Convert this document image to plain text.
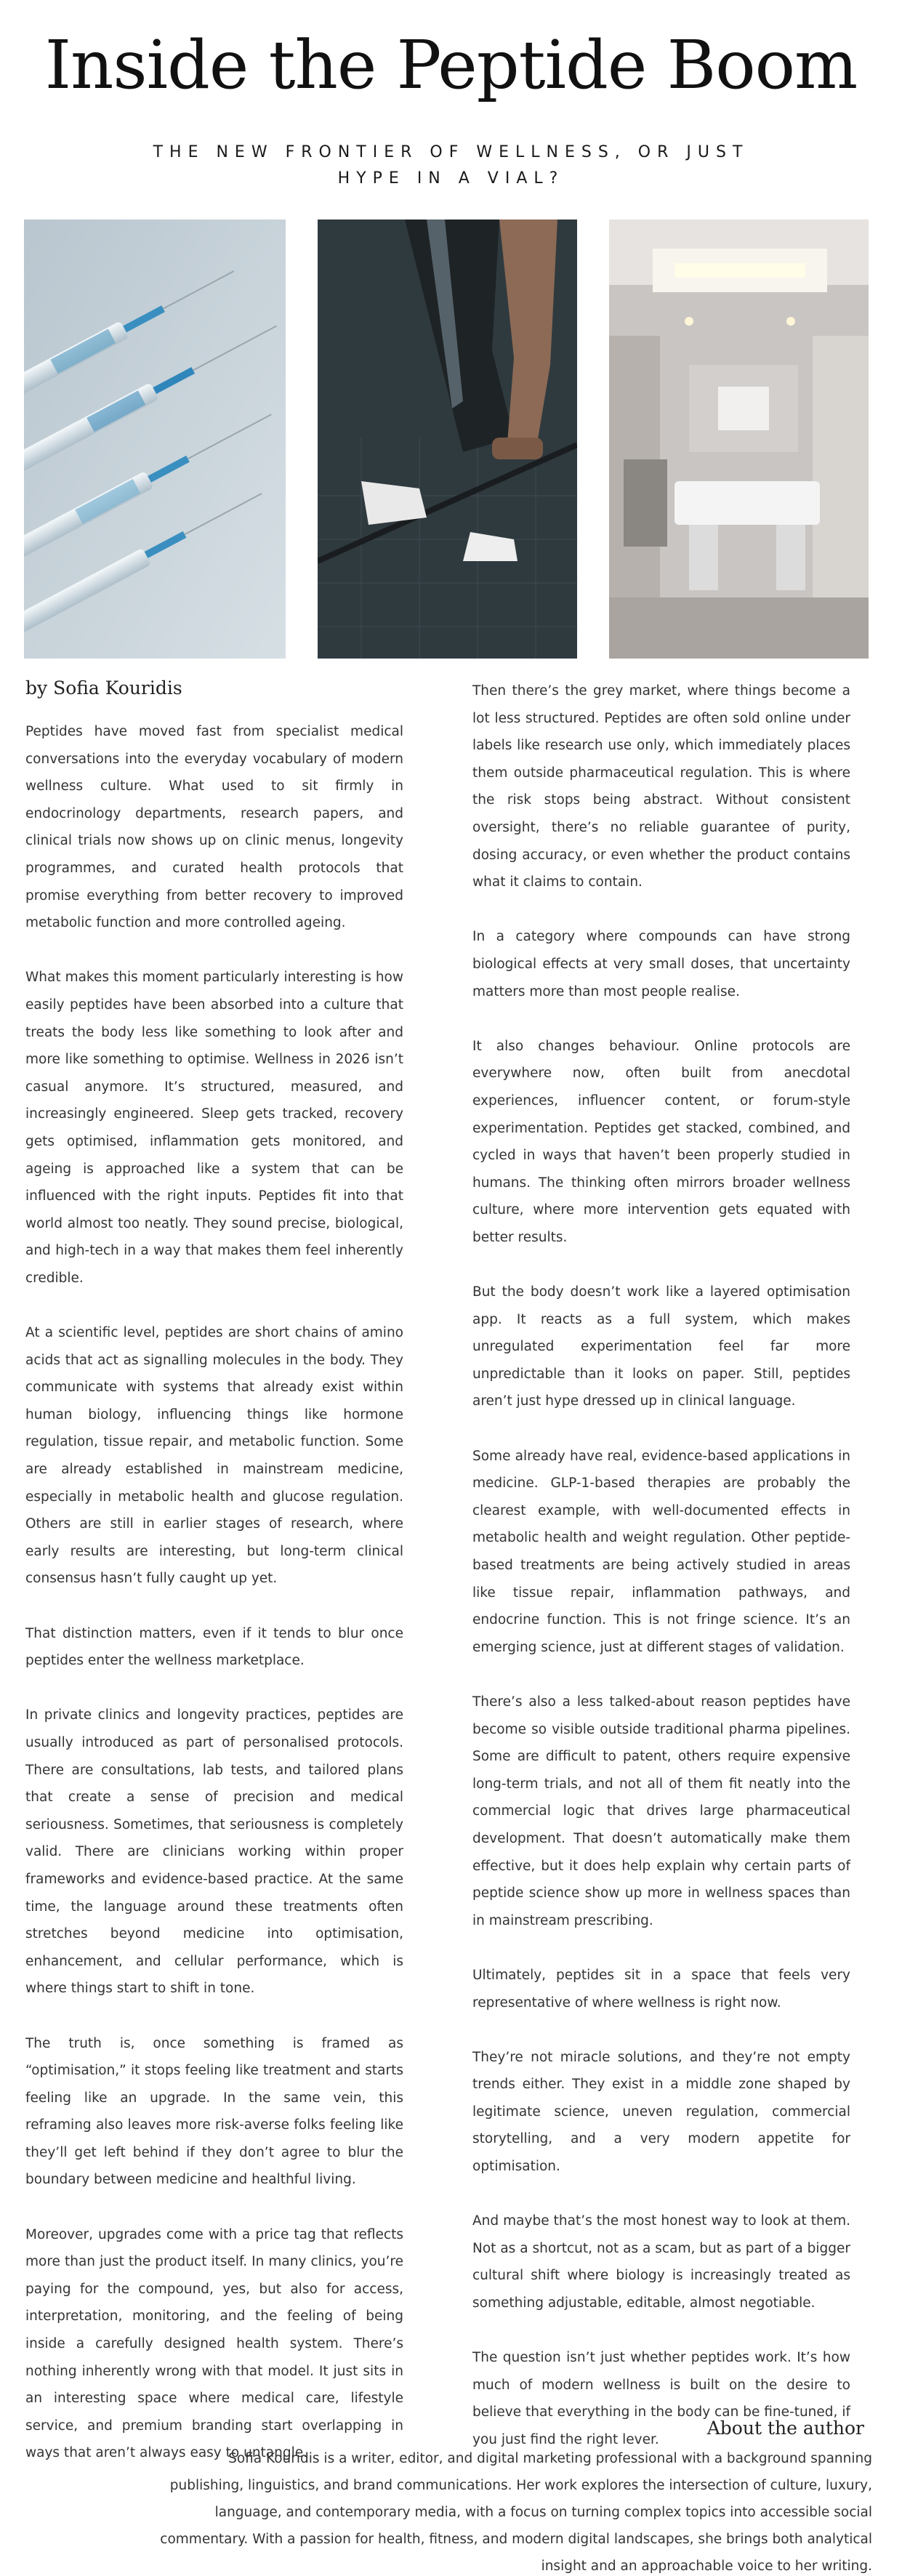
Inside the Peptide Boom
THE NEW FRONTIER OF WELLNESS, OR JUST HYPE IN A VIAL?
by Sofia Kouridis

Peptides have moved fast from specialist medical conversations into the everyday vocabulary of modern wellness culture. What used to sit firmly in endocrinology departments, research papers, and clinical trials now shows up on clinic menus, longevity programmes, and curated health protocols that promise everything from better recovery to improved metabolic function and more controlled ageing.

What makes this moment particularly interesting is how easily peptides have been absorbed into a culture that treats the body less like something to look after and more like something to optimise. Wellness in 2026 isn’t casual anymore. It’s structured, measured, and increasingly engineered. Sleep gets tracked, recovery gets optimised, inflammation gets monitored, and ageing is approached like a system that can be influenced with the right inputs. Peptides fit into that world almost too neatly. They sound precise, biological, and high-tech in a way that makes them feel inherently credible.

At a scientific level, peptides are short chains of amino acids that act as signalling molecules in the body. They communicate with systems that already exist within human biology, influencing things like hormone regulation, tissue repair, and metabolic function. Some are already established in mainstream medicine, especially in metabolic health and glucose regulation. Others are still in earlier stages of research, where early results are interesting, but long-term clinical consensus hasn’t fully caught up yet.

That distinction matters, even if it tends to blur once peptides enter the wellness marketplace.

In private clinics and longevity practices, peptides are usually introduced as part of personalised protocols. There are consultations, lab tests, and tailored plans that create a sense of precision and medical seriousness. Sometimes, that seriousness is completely valid. There are clinicians working within proper frameworks and evidence-based practice. At the same time, the language around these treatments often stretches beyond medicine into optimisation, enhancement, and cellular performance, which is where things start to shift in tone.

The truth is, once something is framed as “optimisation,” it stops feeling like treatment and starts feeling like an upgrade. In the same vein, this reframing also leaves more risk-averse folks feeling like they’ll get left behind if they don’t agree to blur the boundary between medicine and healthful living.

Moreover, upgrades come with a price tag that reflects more than just the product itself. In many clinics, you’re paying for the compound, yes, but also for access, interpretation, monitoring, and the feeling of being inside a carefully designed health system. There’s nothing inherently wrong with that model. It just sits in an interesting space where medical care, lifestyle service, and premium branding start overlapping in ways that aren’t always easy to untangle.

Then there’s the grey market, where things become a lot less structured. Peptides are often sold online under labels like research use only, which immediately places them outside pharmaceutical regulation. This is where the risk stops being abstract. Without consistent oversight, there’s no reliable guarantee of purity, dosing accuracy, or even whether the product contains what it claims to contain.

In a category where compounds can have strong biological effects at very small doses, that uncertainty matters more than most people realise.

It also changes behaviour. Online protocols are everywhere now, often built from anecdotal experiences, influencer content, or forum-style experimentation. Peptides get stacked, combined, and cycled in ways that haven’t been properly studied in humans. The thinking often mirrors broader wellness culture, where more intervention gets equated with better results.

But the body doesn’t work like a layered optimisation app. It reacts as a full system, which makes unregulated experimentation feel far more unpredictable than it looks on paper. Still, peptides aren’t just hype dressed up in clinical language.

Some already have real, evidence-based applications in medicine. GLP-1-based therapies are probably the clearest example, with well-documented effects in metabolic health and weight regulation. Other peptide-based treatments are being actively studied in areas like tissue repair, inflammation pathways, and endocrine function. This is not fringe science. It’s an emerging science, just at different stages of validation.

There’s also a less talked-about reason peptides have become so visible outside traditional pharma pipelines. Some are difficult to patent, others require expensive long-term trials, and not all of them fit neatly into the commercial logic that drives large pharmaceutical development. That doesn’t automatically make them effective, but it does help explain why certain parts of peptide science show up more in wellness spaces than in mainstream prescribing.

Ultimately, peptides sit in a space that feels very representative of where wellness is right now.

They’re not miracle solutions, and they’re not empty trends either. They exist in a middle zone shaped by legitimate science, uneven regulation, commercial storytelling, and a very modern appetite for optimisation.

And maybe that’s the most honest way to look at them. Not as a shortcut, not as a scam, but as part of a bigger cultural shift where biology is increasingly treated as something adjustable, editable, almost negotiable.

The question isn’t just whether peptides work. It’s how much of modern wellness is built on the desire to believe that everything in the body can be fine-tuned, if you just find the right lever.

About the author
Sofia Kouridis is a writer, editor, and digital marketing professional with a background spanning publishing, linguistics, and brand communications. Her work explores the intersection of culture, luxury, language, and contemporary media, with a focus on turning complex topics into accessible social commentary. With a passion for health, fitness, and modern digital landscapes, she brings both analytical insight and an approachable voice to her writing.
